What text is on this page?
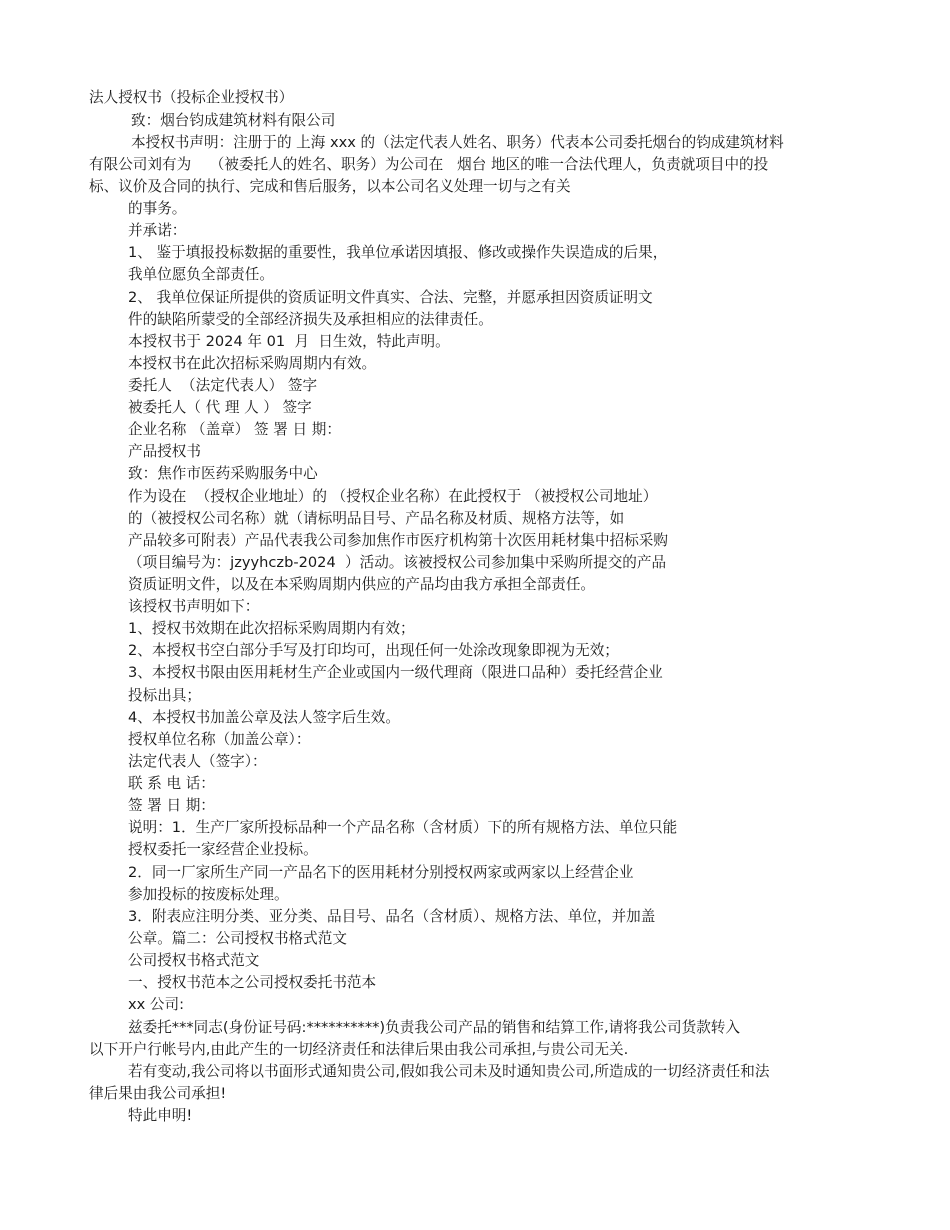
法人授权书（投标企业授权书）

致：烟台钧成建筑材料有限公司

本授权书声明：注册于的 上海 xxx 的（法定代表人姓名、职务）代表本公司委托烟台的钧成建筑材料

有限公司刘有为    （被委托人的姓名、职务）为公司在   烟台 地区的唯一合法代理人，负责就项目中的投

标、议价及合同的执行、完成和售后服务，以本公司名义处理一切与之有关

的事务。

并承诺：

1、 鉴于填报投标数据的重要性，我单位承诺因填报、修改或操作失误造成的后果，

我单位愿负全部责任。

2、 我单位保证所提供的资质证明文件真实、合法、完整，并愿承担因资质证明文

件的缺陷所蒙受的全部经济损失及承担相应的法律责任。

本授权书于 2024 年 01  月  日生效，特此声明。

本授权书在此次招标采购周期内有效。

委托人  （法定代表人） 签字

被委托人（ 代 理 人 ） 签字

企业名称 （盖章） 签 署 日 期：

产品授权书

致：焦作市医药采购服务中心

作为设在  （授权企业地址）的 （授权企业名称）在此授权于 （被授权公司地址）

的（被授权公司名称）就（请标明品目号、产品名称及材质、规格方法等，如

产品较多可附表）产品代表我公司参加焦作市医疗机构第十次医用耗材集中招标采购

（项目编号为：jzyyhczb-2024  ）活动。该被授权公司参加集中采购所提交的产品

资质证明文件，以及在本采购周期内供应的产品均由我方承担全部责任。

该授权书声明如下：

1、授权书效期在此次招标采购周期内有效；

2、本授权书空白部分手写及打印均可，出现任何一处涂改现象即视为无效；

3、本授权书限由医用耗材生产企业或国内一级代理商（限进口品种）委托经营企业

投标出具；

4、本授权书加盖公章及法人签字后生效。

授权单位名称（加盖公章）：

法定代表人（签字）：

联 系 电 话：

签 署 日 期：

说明：1．生产厂家所投标品种一个产品名称（含材质）下的所有规格方法、单位只能

授权委托一家经营企业投标。

2．同一厂家所生产同一产品名下的医用耗材分别授权两家或两家以上经营企业

参加投标的按废标处理。

3．附表应注明分类、亚分类、品目号、品名（含材质）、规格方法、单位，并加盖

公章。篇二：公司授权书格式范文

公司授权书格式范文

一、授权书范本之公司授权委托书范本

xx 公司:

兹委托***同志(身份证号码:**********)负责我公司产品的销售和结算工作,请将我公司货款转入

以下开户行帐号内,由此产生的一切经济责任和法律后果由我公司承担,与贵公司无关.

若有变动,我公司将以书面形式通知贵公司,假如我公司未及时通知贵公司,所造成的一切经济责任和法

律后果由我公司承担!

特此申明!
